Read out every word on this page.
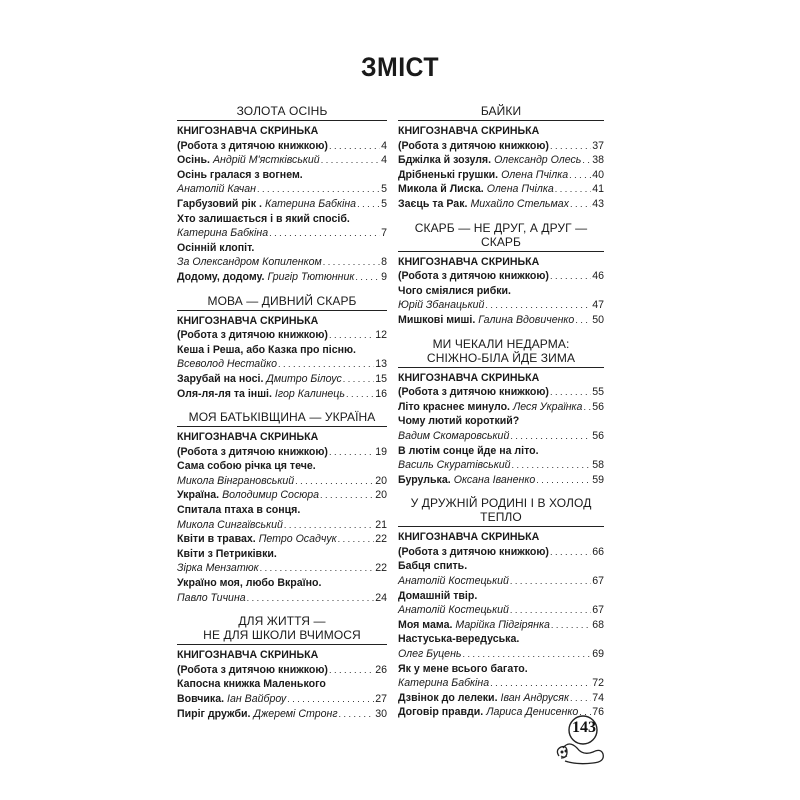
ЗМІСТ
ЗОЛОТА ОСІНЬ
КНИГОЗНАВЧА СКРИНЬКА
(Робота з дитячою книжкою) . . .	4
Осінь. Андрій М'ястківський . . .	4
Осінь гралася з вогнем.
Анатолій Качан . . .	5
Гарбузовий рік . Катерина Бабкіна . . . 5
Хто залишається і в який спосіб.
Катерина Бабкіна . . .	7
Осінній клопіт.
За Олександром Копиленком . . .	8
Додому, додому. Григір Тютюнник . . .	9
МОВА — ДИВНИЙ СКАРБ
КНИГОЗНАВЧА СКРИНЬКА
(Робота з дитячою книжкою) . . .	12
Кеша і Реша, або Казка про пісню.
Всеволод Нестайко . . .	13
Зарубай на носі. Дмитро Білоус . . .	15
Оля-ля-ля та інші. Ігор Калинець . . .	16
МОЯ БАТЬКІВЩИНА — УКРАЇНА
КНИГОЗНАВЧА СКРИНЬКА
(Робота з дитячою книжкою) . . .	19
Сама собою річка ця тече.
Микола Вінграновський . . .	20
Україна. Володимир Сосюра . . .	20
Спитала птаха в сонця.
Микола Сингаївський . . .	21
Квіти в травах. Петро Осадчук . . .	22
Квіти з Петриківки.
Зірка Мензатюк . . .	22
Україно моя, любо Вкраїно.
Павло Тичина . . .	24
ДЛЯ ЖИТТЯ —
НЕ ДЛЯ ШКОЛИ ВЧИМОСЯ
КНИГОЗНАВЧА СКРИНЬКА
(Робота з дитячою книжкою) . . .	26
Капосна книжка Маленького
Вовчика. Іан Вайброу . . .	27
Пиріг дружби. Джеремі Стронг . . .	30
БАЙКИ
КНИГОЗНАВЧА СКРИНЬКА
(Робота з дитячою книжкою) . . .	37
Бджілка й зозуля. Олександр Олесь . . . 38
Дрібненькі грушки. Олена Пчілка . . . 40
Микола й Лиска. Олена Пчілка . . .	41
Заєць та Рак. Михайло Стельмах . . . 43
СКАРБ — НЕ ДРУГ, А ДРУГ — СКАРБ
КНИГОЗНАВЧА СКРИНЬКА
(Робота з дитячою книжкою) . . .	46
Чого сміялися рибки.
Юрій Збанацький . . .	47
Мишкові миші. Галина Вдовиченко . . . 50
МИ ЧЕКАЛИ НЕДАРМА:
СНІЖНО-БІЛА ЙДЕ ЗИМА
КНИГОЗНАВЧА СКРИНЬКА
(Робота з дитячою книжкою) . . .	55
Літо краснеє минуло. Леся Українка . . . 56
Чому лютий короткий?
Вадим Скомаровський . . .	56
В лютім сонце йде на літо.
Василь Скуратівський . . .	58
Бурулька. Оксана Іваненко . . .	59
У ДРУЖНІЙ РОДИНІ І В ХОЛОД ТЕПЛО
КНИГОЗНАВЧА СКРИНЬКА
(Робота з дитячою книжкою) . . .	66
Бабця спить.
Анатолій Костецький . . .	67
Домашній твір.
Анатолій Костецький . . .	67
Моя мама. Марійка Підгірянка . . .	68
Настуська-вередуська.
Олег Буцень . . .	69
Як у мене всього багато.
Катерина Бабкіна . . .	72
Дзвінок до лелеки. Іван Андрусяк . . . 74
Договір правди. Лариса Денисенко . . . 76
143
